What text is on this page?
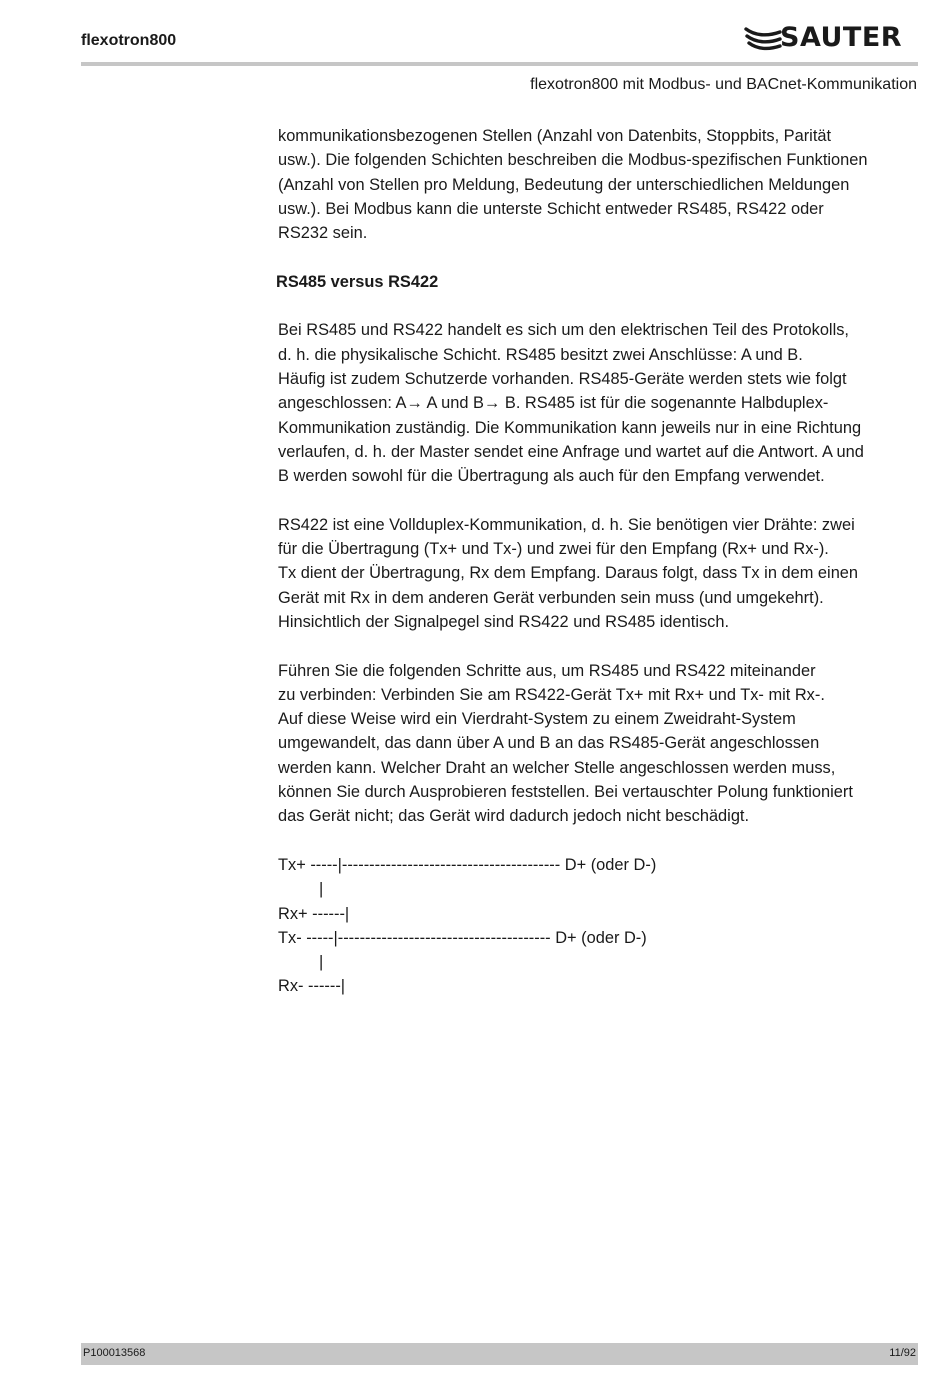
flexotron800	SAUTER
flexotron800 mit Modbus- und BACnet-Kommunikation
kommunikationsbezogenen Stellen (Anzahl von Datenbits, Stoppbits, Parität
usw.). Die folgenden Schichten beschreiben die Modbus-spezifischen Funktionen
(Anzahl von Stellen pro Meldung, Bedeutung der unterschiedlichen Meldungen
usw.). Bei Modbus kann die unterste Schicht entweder RS485, RS422 oder
RS232 sein.
RS485 versus RS422
Bei RS485 und RS422 handelt es sich um den elektrischen Teil des Protokolls,
d. h. die physikalische Schicht. RS485 besitzt zwei Anschlüsse: A und B.
Häufig ist zudem Schutzerde vorhanden. RS485-Geräte werden stets wie folgt
angeschlossen: A→ A und B→ B. RS485 ist für die sogenannte Halbduplex-
Kommunikation zuständig. Die Kommunikation kann jeweils nur in eine Richtung
verlaufen, d. h. der Master sendet eine Anfrage und wartet auf die Antwort. A und
B werden sowohl für die Übertragung als auch für den Empfang verwendet.
RS422 ist eine Vollduplex-Kommunikation, d. h. Sie benötigen vier Drähte: zwei
für die Übertragung (Tx+ und Tx-) und zwei für den Empfang (Rx+ und Rx-).
Tx dient der Übertragung, Rx dem Empfang. Daraus folgt, dass Tx in dem einen
Gerät mit Rx in dem anderen Gerät verbunden sein muss (und umgekehrt).
Hinsichtlich der Signalpegel sind RS422 und RS485 identisch.
Führen Sie die folgenden Schritte aus, um RS485 und RS422 miteinander
zu verbinden: Verbinden Sie am RS422-Gerät Tx+ mit Rx+ und Tx- mit Rx-.
Auf diese Weise wird ein Vierdraht-System zu einem Zweidraht-System
umgewandelt, das dann über A und B an das RS485-Gerät angeschlossen
werden kann. Welcher Draht an welcher Stelle angeschlossen werden muss,
können Sie durch Ausprobieren feststellen. Bei vertauschter Polung funktioniert
das Gerät nicht; das Gerät wird dadurch jedoch nicht beschädigt.
Tx+ -----|---------------------------------------- D+ (oder D-)
|
Rx+ ------|
Tx- -----|--------------------------------------- D+ (oder D-)
|
Rx- ------|
P100013568	11/92
